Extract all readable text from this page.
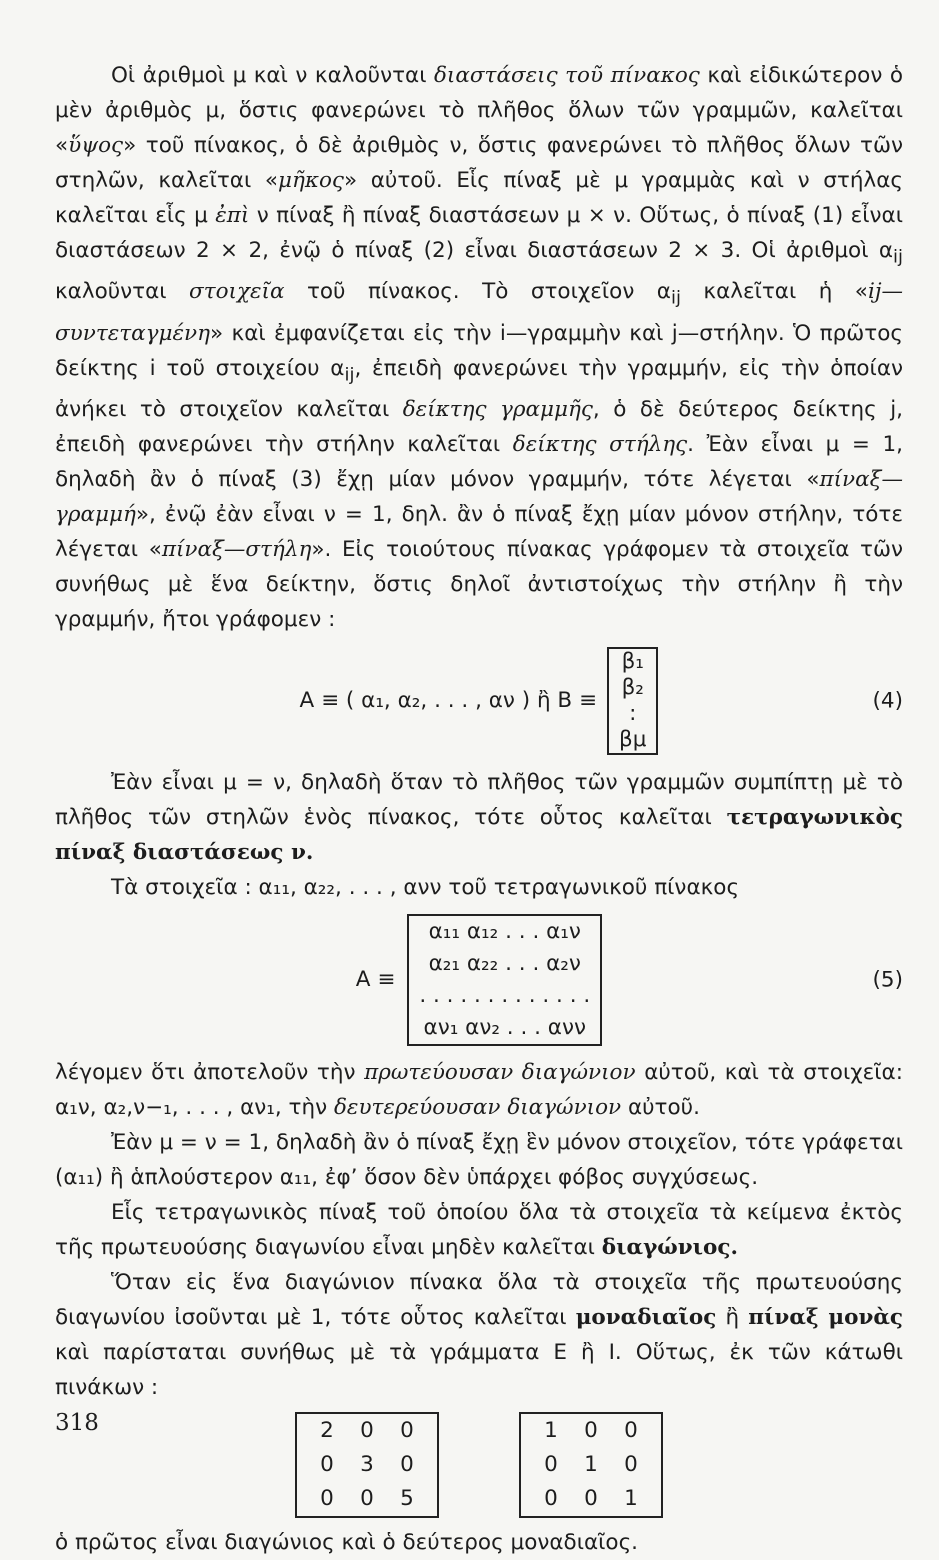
Οἱ ἀριθμοὶ μ καὶ ν καλοῦνται διαστάσεις τοῦ πίνακος καὶ εἰδικώτερον ὁ μὲν ἀριθμὸς μ, ὅστις φανερώνει τὸ πλῆθος ὅλων τῶν γραμμῶν, καλεῖται «ὕψος» τοῦ πίνακος, ὁ δὲ ἀριθμὸς ν, ὅστις φανερώνει τὸ πλῆθος ὅλων τῶν στηλῶν, καλεῖται «μῆκος» αὐτοῦ. Εἷς πίναξ μὲ μ γραμμὰς καὶ ν στήλας καλεῖται εἷς μ ἐπὶ ν πίναξ ἢ πίναξ διαστάσεων μ × ν. Οὕτως, ὁ πίναξ (1) εἶναι διαστάσεων 2 × 2, ἐνῷ ὁ πίναξ (2) εἶναι διαστάσεων 2 × 3. Οἱ ἀριθμοὶ $\alpha_{ij}$ καλοῦνται στοιχεῖα τοῦ πίνακος. Τὸ στοιχεῖον $\alpha_{ij}$ καλεῖται ἡ «ij—συντεταγμένη» καὶ ἐμφανίζεται εἰς τὴν i—γραμμὴν καὶ j—στήλην. Ὁ πρῶτος δείκτης i τοῦ στοιχείου $\alpha_{ij}$, ἐπειδὴ φανερώνει τὴν γραμμήν, εἰς τὴν ὁποίαν ἀνήκει τὸ στοιχεῖον καλεῖται δείκτης γραμμῆς, ὁ δὲ δεύτερος δείκτης j, ἐπειδὴ φανερώνει τὴν στήλην καλεῖται δείκτης στήλης. Ἐὰν εἶναι μ = 1, δηλαδὴ ἂν ὁ πίναξ (3) ἔχῃ μίαν μόνον γραμμήν, τότε λέγεται «πίναξ—γραμμή», ἐνῷ ἐὰν εἶναι ν = 1, δηλ. ἂν ὁ πίναξ ἔχῃ μίαν μόνον στήλην, τότε λέγεται «πίναξ—στήλη». Εἰς τοιούτους πίνακας γράφομεν τὰ στοιχεῖα τῶν συνήθως μὲ ἕνα δείκτην, ὅστις δηλοῖ ἀντιστοίχως τὴν στήλην ἢ τὴν γραμμήν, ἤτοι γράφομεν :

A ≡ ( α₁, α₂, . . . , αν ) ἢ B ≡
β₁
β₂
:
βμ
(4)

Ἐὰν εἶναι μ = ν, δηλαδὴ ὅταν τὸ πλῆθος τῶν γραμμῶν συμπίπτῃ μὲ τὸ πλῆθος τῶν στηλῶν ἑνὸς πίνακος, τότε οὗτος καλεῖται τετραγωνικὸς πίναξ διαστάσεως ν.

Τὰ στοιχεῖα : α₁₁, α₂₂, . . . , ανν τοῦ τετραγωνικοῦ πίνακος

A ≡
α₁₁ α₁₂ . . . α₁ν
α₂₁ α₂₂ . . . α₂ν
. . . . . . . . . . . . .
αν₁ αν₂ . . . ανν
(5)

λέγομεν ὅτι ἀποτελοῦν τὴν πρωτεύουσαν διαγώνιον αὐτοῦ, καὶ τὰ στοιχεῖα: α₁ν, α₂,ν−₁, . . . , αν₁, τὴν δευτερεύουσαν διαγώνιον αὐτοῦ.

Ἐὰν μ = ν = 1, δηλαδὴ ἂν ὁ πίναξ ἔχῃ ἓν μόνον στοιχεῖον, τότε γράφεται (α₁₁) ἢ ἁπλούστερον α₁₁, ἐφ’ ὅσον δὲν ὑπάρχει φόβος συγχύσεως.

Εἷς τετραγωνικὸς πίναξ τοῦ ὁποίου ὅλα τὰ στοιχεῖα τὰ κείμενα ἐκτὸς τῆς πρωτευούσης διαγωνίου εἶναι μηδὲν καλεῖται διαγώνιος.

Ὅταν εἰς ἕνα διαγώνιον πίνακα ὅλα τὰ στοιχεῖα τῆς πρωτευούσης διαγωνίου ἰσοῦνται μὲ 1, τότε οὗτος καλεῖται μοναδιαῖος ἢ πίναξ μονὰς καὶ παρίσταται συνήθως μὲ τὰ γράμματα E ἢ I. Οὕτως, ἐκ τῶν κάτωθι πινάκων :

2	0	0
0	3	0
0	0	5
1	0	0
0	1	0
0	0	1

ὁ πρῶτος εἶναι διαγώνιος καὶ ὁ δεύτερος μοναδιαῖος.

318
